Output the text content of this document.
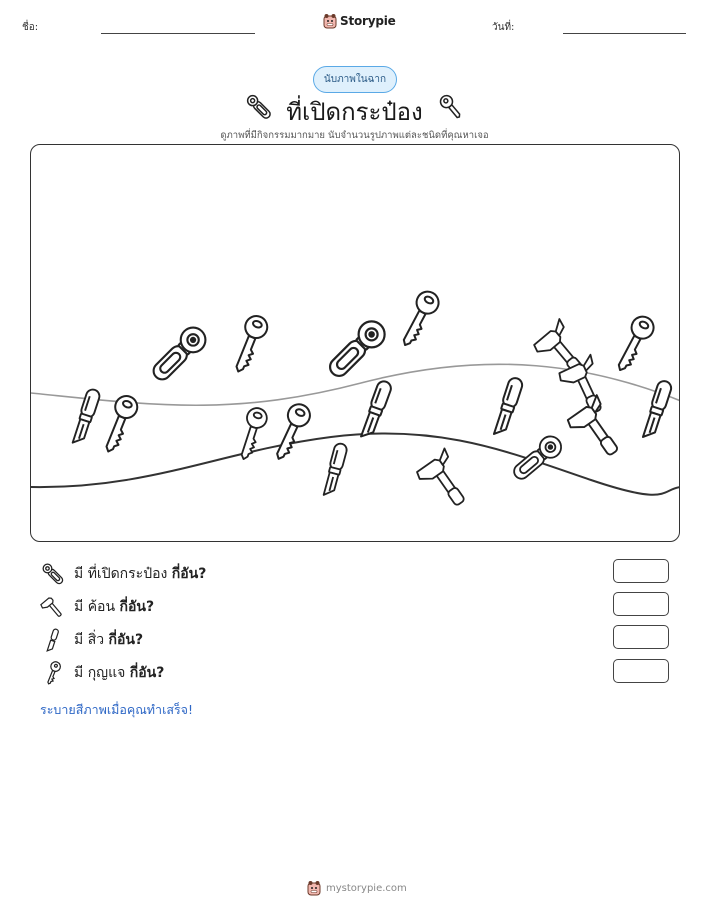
ชื่อ:	Storypie	วันที่:
นับภาพในฉาก
ที่เปิดกระป๋อง
ดูภาพที่มีกิจกรรมมากมาย นับจำนวนรูปภาพแต่ละชนิดที่คุณหาเจอ
มี ที่เปิดกระป๋อง กี่อัน?
มี ค้อน กี่อัน?
มี สิ่ว กี่อัน?
มี กุญแจ กี่อัน?
ระบายสีภาพเมื่อคุณทำเสร็จ!
mystorypie.com
